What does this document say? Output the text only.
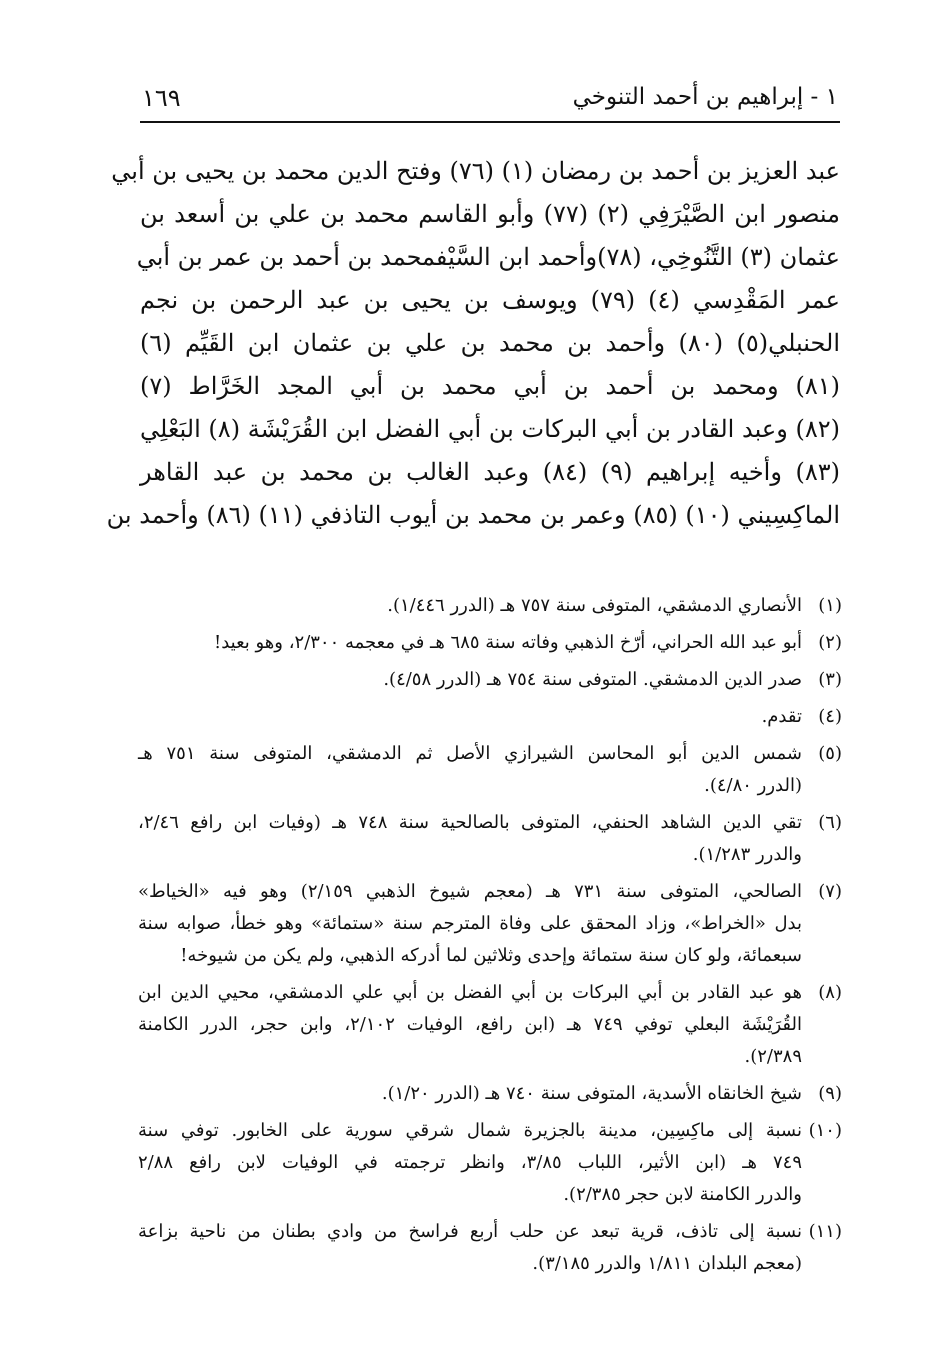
١ - إبراهيم بن أحمد التنوخي
١٦٩
عبد العزيز بن أحمد بن رمضان (١) (٧٦) وفتح الدين محمد بن يحيى بن أبي
منصور ابن الصَّيْرَفِي (٢) (٧٧) وأبو القاسم محمد بن علي بن أسعد بن
عثمان (٣) التَّنُوخِي، (٧٨)وأحمد ابن السَّيْفمحمد بن أحمد بن عمر بن أبي
عمر المَقْدِسي (٤) (٧٩) ويوسف بن يحيى بن عبد الرحمن بن نجم
الحنبلي(٥) (٨٠) وأحمد بن محمد بن علي بن عثمان ابن القَيِّم (٦)
(٨١) ومحمد بن أحمد بن أبي محمد بن أبي المجد الخَرَّاط (٧)
(٨٢) وعبد القادر بن أبي البركات بن أبي الفضل ابن القُرَيْشَة (٨) البَعْلِي
(٨٣) وأخيه إبراهيم (٩) (٨٤) وعبد الغالب بن محمد بن عبد القاهر
الماكِسِيني (١٠) (٨٥) وعمر بن محمد بن أيوب التاذفي (١١) (٨٦) وأحمد بن
(١)
الأنصاري الدمشقي، المتوفى سنة ٧٥٧ هـ (الدرر ١/٤٤٦).
(٢)
أبو عبد الله الحراني، أرّخ الذهبي وفاته سنة ٦٨٥ هـ في معجمه ٢/٣٠٠، وهو بعيد!
(٣)
صدر الدين الدمشقي. المتوفى سنة ٧٥٤ هـ (الدرر ٤/٥٨).
(٤)
تقدم.
(٥)
شمس الدين أبو المحاسن الشيرازي الأصل ثم الدمشقي، المتوفى سنة ٧٥١ هـ
(الدرر ٤/٨٠).
(٦)
تقي الدين الشاهد الحنفي، المتوفى بالصالحية سنة ٧٤٨ هـ (وفيات ابن رافع ٢/٤٦،
والدرر ١/٢٨٣).
(٧)
الصالحي، المتوفى سنة ٧٣١ هـ (معجم شيوخ الذهبي ٢/١٥٩) وهو فيه «الخياط»
بدل «الخراط»، وزاد المحقق على وفاة المترجم سنة «ستمائة» وهو خطأ، صوابه سنة
سبعمائة، ولو كان سنة ستمائة وإحدى وثلاثين لما أدركه الذهبي، ولم يكن من شيوخه!
(٨)
هو عبد القادر بن أبي البركات بن أبي الفضل بن أبي علي الدمشقي، محيي الدين ابن
القُرَيْشَة البعلي توفي ٧٤٩ هـ (ابن رافع، الوفيات ٢/١٠٢، وابن حجر، الدرر الكامنة
٢/٣٨٩).
(٩)
شيخ الخانقاه الأسدية، المتوفى سنة ٧٤٠ هـ (الدرر ١/٢٠).
(١٠)
نسبة إلى ماكِسِين، مدينة بالجزيرة شمال شرقي سورية على الخابور. توفي سنة
٧٤٩ هـ (ابن الأثير، اللباب ٣/٨٥، وانظر ترجمته في الوفيات لابن رافع ٢/٨٨
والدرر الكامنة لابن حجر ٢/٣٨٥).
(١١)
نسبة إلى تاذف، قرية تبعد عن حلب أربع فراسخ من وادي بطنان من ناحية بزاعة
(معجم البلدان ١/٨١١ والدرر ٣/١٨٥).
